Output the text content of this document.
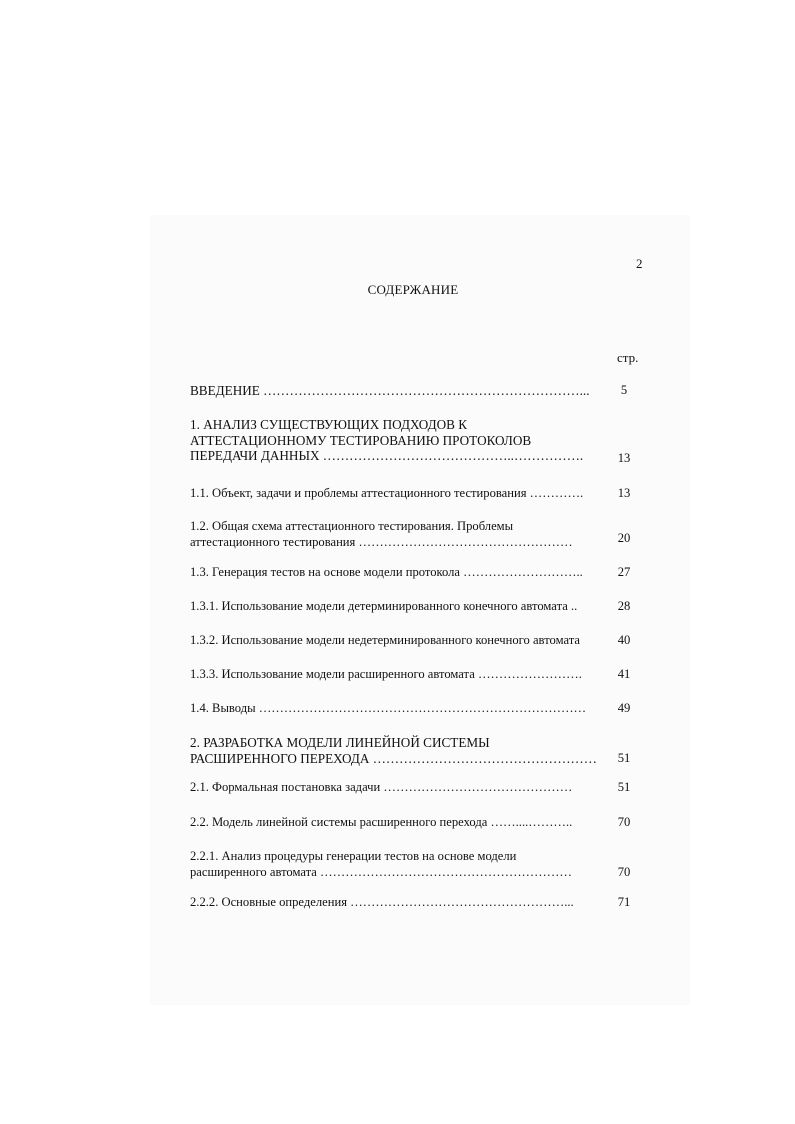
2
СОДЕРЖАНИЕ
стр.
ВВЕДЕНИЕ ………………………………………………………………...	5
1. АНАЛИЗ СУЩЕСТВУЮЩИХ ПОДХОДОВ К
АТТЕСТАЦИОННОМУ ТЕСТИРОВАНИЮ ПРОТОКОЛОВ
ПЕРЕДАЧИ ДАННЫХ ……………………………………..…………….	13
1.1. Объект, задачи и проблемы аттестационного тестирования ………….	13
1.2. Общая схема аттестационного тестирования. Проблемы
аттестационного тестирования ……………………………………………	20
1.3. Генерация тестов на основе модели протокола ………………………..	27
1.3.1. Использование модели детерминированного конечного автомата ..	28
1.3.2. Использование модели недетерминированного конечного автомата	40
1.3.3. Использование модели расширенного автомата …………………….	41
1.4. Выводы ……………………………………………………………………	49
2. РАЗРАБОТКА МОДЕЛИ ЛИНЕЙНОЙ СИСТЕМЫ
РАСШИРЕННОГО ПЕРЕХОДА ……………………………………………	51
2.1. Формальная постановка задачи ………………………………………	51
2.2. Модель линейной системы расширенного перехода ……....………..	70
2.2.1. Анализ процедуры генерации тестов на основе модели
расширенного автомата ……………………………………………………	70
2.2.2. Основные определения ……………………………………………...	71
